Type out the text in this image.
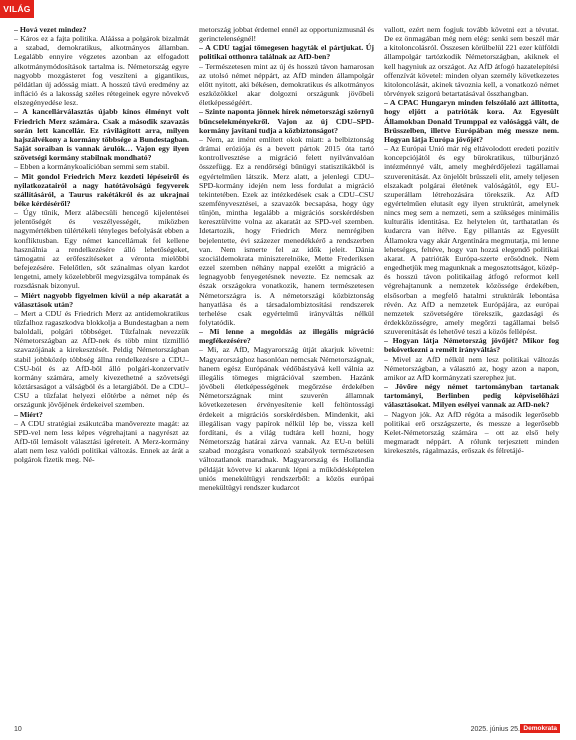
VILÁG

– Hová vezet mindez?

– Káros ez a fajta politika. Aláássa a polgárok bizalmát a szabad, demokratikus, alkotmányos államban. Legalább ennyire végzetes azonban az elfogadott alkotmánymódosítások tartalma is. Németország egyre nagyobb mozgásteret fog veszíteni a gigantikus, példátlan új adósság miatt. A hosszú távú eredmény az infláció és a lakosság széles rétegeinek egyre növekvő elszegényedése lesz.

– A kancellárválasztás újabb kínos élményt volt Friedrich Merz számára. Csak a második szavazás során lett kancellár. Ez rávilágított arra, milyen hajszálvékony a kormány többsége a Bundestagban. Saját soraiban is vannak árulók… Vajon egy ilyen szövetségi kormány stabilnak mondható?

– Ebben a kormánykoalícióban semmi sem stabil.

– Mit gondol Friedrich Merz kezdeti lépéseiről és nyilatkozatairól a nagy hatótávolságú fegyverek szállításáról, a Taurus rakétákról és az ukrajnai béke kérdéséről?

– Úgy tűnik, Merz alábecsüli hencegő kijelentései jelentőségét és veszélyességét, miközben nagymértékben túlértékeli tényleges befolyását ebben a konfliktusban. Egy német kancellárnak fel kellene használnia a rendelkezésére álló lehetőségeket, támogatni az erőfeszítéseket a véronta mielőbbi befejezésére. Felelőtlen, sőt szánalmas olyan kardot lengetni, amely közelebbről megvizsgálva tompának és rozsdásnak bizonyul.

– Miért nagyobb figyelmen kívül a nép akaratát a választások után?

– Mert a CDU és Friedrich Merz az antidemokratikus tűzfalhoz ragaszkodva blokkolja a Bundestagban a nem baloldali, polgári többséget. Tűzfalnak nevezzük Németországban az AfD-nek és több mint tízmillió szavazójának a kirekesztését. Peldig Németországban stabil jobbközép többség állna rendelkezésre a CDU–CSU-ból és az AfD-ből álló polgári-konzervatív kormány számára, amely kivezethetné a szövetségi köztársaságot a válságból és a letargiából. De a CDU–CSU a tűzfalat helyezi előtérbe a német nép és országunk jövőjének érdekeivel szemben.

– Miért?

– A CDU stratégiai zsákutcába manőverezte magát: az SPD-vel nem less képes végrehajtani a nagyrészt az AfD-től lemásolt választási ígéreteit. A Merz-kormány alatt nem lesz valódi politikai változás. Ennek az árát a polgárok fizetik meg. Né-

metország jobbat érdemel ennél az opportunizmusnál és gerinctelenségnél!

– A CDU tagjai tömegesen hagyták el pártjukat. Új politikai otthonra találnak az AfD-ben?

– Természetesen mint az új és hosszú távon hamarosan az utolsó német néppárt, az AfD minden állampolgár előtt nyitott, aki békésen, demokratikus és alkotmányos eszközökkel akar dolgozni országunk jövőbeli életképességéért.

– Szinte naponta jönnek hírek németországi szörnyű bűncselekményekről. Vajon az új CDU–SPD-kormány javítani tudja a közbiztonságot?

– Nem, az imént említett okok miatt: a belbiztonság drámai eróziója és a bevett pártok 2015 óta tartó kontrollvesztése a migráció felett nyilvánvalóan összefügg. Ez a rendőrségi bűnügyi statisztikákból is egyértelműen látszik. Merz alatt, a jelenlegi CDU–SPD-kormány idején nem less fordulat a migráció tekintetében. Ezek az intézkedések csak a CDU–CSU szemfényvesztései, a szavazók becsapása, hogy úgy tűnjön, mintha legalább a migrációs sorskérdésben keresztülvitte volna az akaratát az SPD-vel szemben. Idetartozik, hogy Friedrich Merz nemrégiben bejelentette, évi százezer menedékkérő a rendszerben van. Nem ismerte fel az idők jeleit. Dánia szociáldemokrata miniszterelnöke, Mette Frederiksen ezzel szemben néhány nappal ezelőtt a migráció a legnagyobb fenyegetésnek nevezte. Ez nemcsak az észak országokra vonatkozik, hanem természetesen Németországra is. A németországi közbiztonság hanyatlása és a társadalombiztosítási rendszerek terhelése csak egyértelmű irányváltás nélkül folytatódik.

– Mi lenne a megoldás az illegális migráció megfékezésére?

– Mi, az AfD, Magyarország útját akarjuk követni: Magyarországhoz hasonlóan nemcsak Németországnak, hanem egész Európának védőbástyává kell válnia az illegális tömeges migrációval szemben. Hazánk jövőbeli életképességének megőrzése érdekében Németországnak mint szuverén államnak következetesen érvényesítenie kell feltöntossági érdekeit a migrációs sorskérdésben. Mindenkit, aki illegálisan vagy papírok nélkül lép be, vissza kell fordítani, és a világ tudtára kell hozni, hogy Németország határai zárva vannak. Az EU-n belüli szabad mozgásra vonatkozó szabályok természetesen változatlanok maradnak. Magyarország és Hollandia példáját követve kí akarunk lépni a működésképtelen uniós menekültügyi rendszerből: a közös európai menekültügyi rendszer kudarcot

vallott, ezért nem fogjuk tovább követni ezt a tévutat. De ez önmagában még nem elég: senki sem beszél már a kitoloncolásról. Összesen körülbelül 221 ezer külföldi állampolgár tartózkodik Németországban, akiknek el kell hagyniuk az országot. Az AfD átfogó hazatelepítési offenzívát követel: minden olyan személy következetes kitoloncolását, akinek távoznia kell, a vonatkozó német törvények szigorú betartatásával összhangban.

– A CPAC Hungaryn minden felszólaló azt állította, hogy eljött a patrióták kora. Az Egyesült Államokban Donald Trumppal ez valósággá vált, de Brüsszelben, illetve Európában még messze nem. Hogyan látja Európa jövőjét?

– Az Európai Unió már rég eltávolodott eredeti pozitív koncepciójától és egy bürokratikus, túlburjánzó intézménnyé vált, amely meghérdőjelezi tagállamai szuverenitását. Az önjelölt brüsszeli elit, amely teljesen elszakadt polgárai életének valóságától, egy EU-szuperállam létrehozására törekszik. Az AfD egyértelműen elutasít egy ilyen struktúrát, amelynek nincs meg sem a nemzeti, sem a szükséges minimális kulturális identitása. Ez helytelen út, tarthatatlan és kudarcra van ítélve. Egy pillantás az Egyesült Államokra vagy akár Argentínára megmutatja, mi lenne lehetséges, feltéve, hogy van hozzá elegendő politikai akarat. A patrióták Európa-szerte erősödnek. Nem engedhetjük meg magunknak a megosztottságot, közép- és hosszú távon politikailag átfogó reformot kell végrehajtanunk a nemzetek közössége érdekében, elsősorban a megfelő hatalmi struktúrák lebontása révén. Az AfD a nemzetek Európájára, az európai nemzetek szövetségére törekszik, gazdasági és érdekközösségre, amely megőrzi tagállamai belső szuverenitását és lehetővé teszi a közös fellépést.

– Hogyan látja Németország jövőjét? Mikor fog bekövetkezni a remélt irányváltás?

– Mivel az AfD nélkül nem lesz politikai változás Németországban, a választó az, hogy azon a napon, amikor az AfD kormányzati szerephez jut.

– Jövőre négy német tartományban tartanak tartományi, Berlinben pedig képviselőházi választásokat. Milyen esélyei vannak az AfD-nek?

– Nagyon jók. Az AfD régóta a második legerősebb politikai erő országszerte, és messze a legerősebb Kelet-Németország számára – ott az első hely megmaradt néppárt. A rólunk terjesztett minden kirekesztés, rágalmazás, erőszak és félretájé-

10	2025. június 25. Demokrata
